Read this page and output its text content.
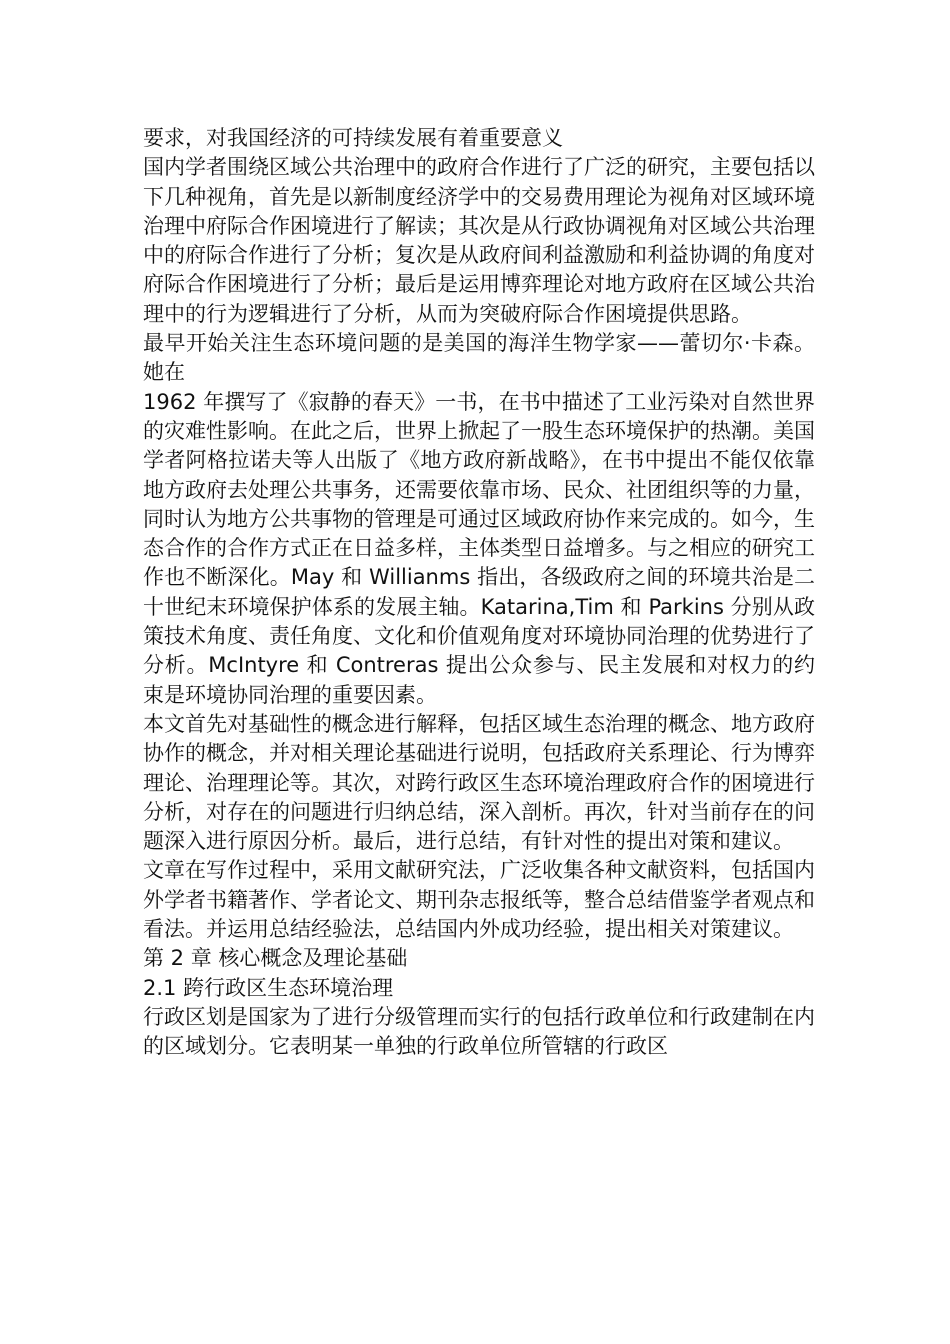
要求，对我国经济的可持续发展有着重要意义

国内学者围绕区域公共治理中的政府合作进行了广泛的研究，主要包括以下几种视角，首先是以新制度经济学中的交易费用理论为视角对区域环境治理中府际合作困境进行了解读；其次是从行政协调视角对区域公共治理中的府际合作进行了分析；复次是从政府间利益激励和利益协调的角度对府际合作困境进行了分析；最后是运用博弈理论对地方政府在区域公共治理中的行为逻辑进行了分析，从而为突破府际合作困境提供思路。

最早开始关注生态环境问题的是美国的海洋生物学家——蕾切尔·卡森。她在

1962 年撰写了《寂静的春天》一书，在书中描述了工业污染对自然世界的灾难性影响。在此之后，世界上掀起了一股生态环境保护的热潮。美国学者阿格拉诺夫等人出版了《地方政府新战略》，在书中提出不能仅依靠地方政府去处理公共事务，还需要依靠市场、民众、社团组织等的力量，同时认为地方公共事物的管理是可通过区域政府协作来完成的。如今，生态合作的合作方式正在日益多样，主体类型日益增多。与之相应的研究工作也不断深化。May 和 Willianms 指出，各级政府之间的环境共治是二十世纪末环境保护体系的发展主轴。Katarina,Tim 和 Parkins 分别从政策技术角度、责任角度、文化和价值观角度对环境协同治理的优势进行了分析。McIntyre 和 Contreras 提出公众参与、民主发展和对权力的约束是环境协同治理的重要因素。

本文首先对基础性的概念进行解释，包括区域生态治理的概念、地方政府协作的概念，并对相关理论基础进行说明，包括政府关系理论、行为博弈理论、治理理论等。其次，对跨行政区生态环境治理政府合作的困境进行分析，对存在的问题进行归纳总结，深入剖析。再次，针对当前存在的问题深入进行原因分析。最后，进行总结，有针对性的提出对策和建议。

文章在写作过程中，采用文献研究法，广泛收集各种文献资料，包括国内外学者书籍著作、学者论文、期刊杂志报纸等，整合总结借鉴学者观点和看法。并运用总结经验法，总结国内外成功经验，提出相关对策建议。

第 2 章 核心概念及理论基础

2.1 跨行政区生态环境治理

行政区划是国家为了进行分级管理而实行的包括行政单位和行政建制在内的区域划分。它表明某一单独的行政单位所管辖的行政区
